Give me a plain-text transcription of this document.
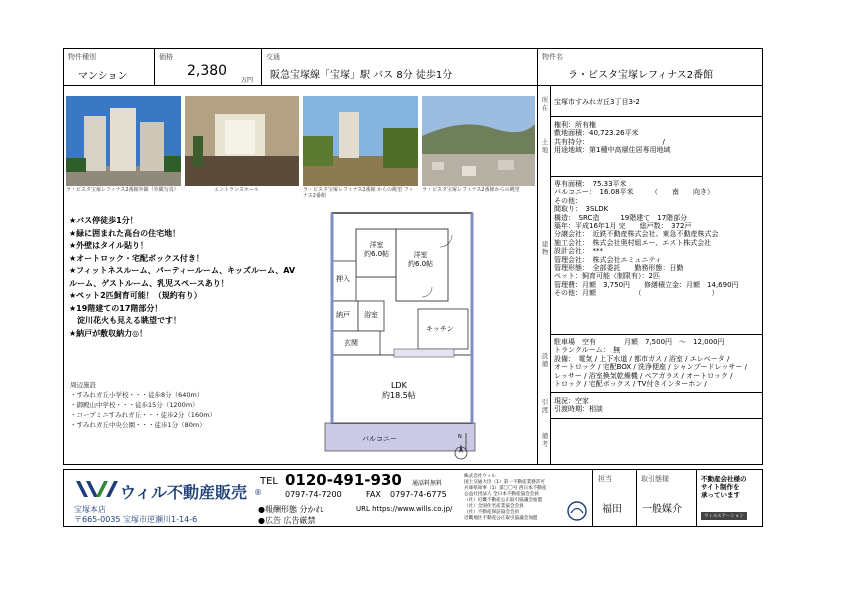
物件種別
マンション
価格
2,380
万円
交通
阪急宝塚線「宝塚」駅 バス 8分 徒歩1分
物件名
ラ・ビスタ宝塚レフィナス2番館
ラ・ビスタ宝塚レフィナス2番館外観（外観写真）	エントランスホール	ラ・ビスタ宝塚レフィナス2番館 からの眺望 フィナス2番館
ラ・ビスタ宝塚レフィナス2番館からの眺望
★バス停徒歩1分！
★緑に囲まれた高台の住宅地！
★外壁はタイル貼り！
★オートロック・宅配ボックス付き！
★フィットネスルーム、パーティールーム、キッズルーム、AV
ルーム、ゲストルーム、乳児スペースあり！
★ペット2匹飼育可能！（規約有り）
★19階建ての17階部分！
　淀川花火も見える眺望です！
★納戸が敷収納力◎！
周辺施設
・すみれガ丘小学校・・・徒歩8分（640m）
・御殿山中学校・・・徒歩15分（1200m）
・コープミニすみれガ丘・・・徒歩2分（160m）
・すみれガ丘中央公園・・・徒歩1分（80m）
洋室
約6.0帖	洋室
約6.0帖
押入
納戸 浴室
玄関
キッチン
LDK
約18.5帖
バルコニー	N
所在
宝塚市すみれガ丘3丁目3-2
土地
権利：所有権
敷地面積：40,723.26平米
共有持分：　　　　　　　　　　　/
用途地域：第1種中高層住居専用地域
建物
専有面積：　75.33平米
バルコニー：　16.08平米　　　（　　南　　向き）
その他：
間取り：　3SLDK
構造：　SRC造　　　19階建て　17階部分
築年：平成16年1月 完　　総戸数：　372戸
分譲会社：　近鉄不動産株式会社、東急不動産株式会
施工会社：　株式会社奥村組エー、エスト株式会社
設計会社：　***
管理会社：　株式会社エミュニティ
管理形態：　全部委託　　勤務形態：日勤
ペット：飼育可能（制限有）：2匹
管理費：月額　3,750円　　修繕積立金：月額　14,690円
その他：月額　　　　　　（　　　　　　　　　　）
設備
駐車場　空有　　　　月額　7,500円　～　12,000円
トランクルーム：　無
設備：　電気 / 上下水道 / 都市ガス / 浴室 / エレベータ /
オートロック / 宅配BOX / 洗浄便座 / シャンプードレッサー /
レッサー / 浴室換気乾燥機 / ペアガラス / オートロック /
トロック / 宅配ボックス / TV付きインターホン /
引渡
現況：空家
引渡時期：相談
備考
ウィル不動産販売 ®
宝塚本店
〒665-0035 宝塚市逆瀬川1-14-6
TEL 0120-491-930 通話料無料
0797-74-7200	FAX 0797-74-6775
●報酬形態 分かれ
●広告 広告厳禁
URL https://www.wills.co.jp/
株式会社ウィル
国土交通大臣（1）第一不動産業務許可
兵庫県知事（1）第〇〇号 西日本不動産
公益社団法人 全日本不動産協会会員
（社）近畿不動産公正取引協議会加盟
（社）全国住宅産業協会会員
（社）不動産保証協会会員
近畿地区不動産公正取引協議会加盟
担当
福田
取引態様
一般媒介
不動産会社様の
サイト制作を
承っています
ウィルステーション
